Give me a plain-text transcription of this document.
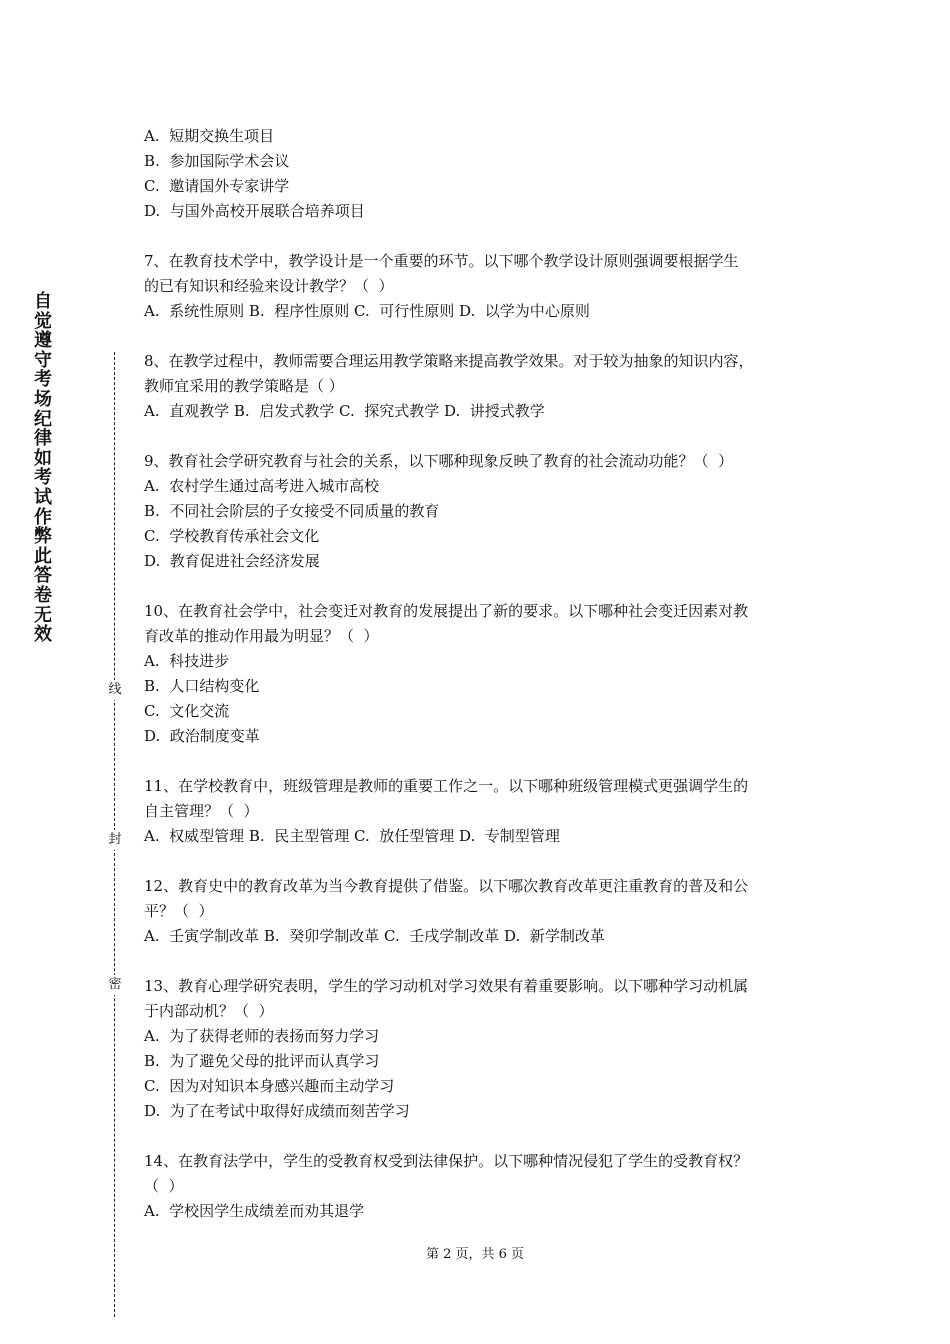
自觉遵守考场纪律如考试作弊此答卷无效
线
封
密
A.  短期交换生项目
B.  参加国际学术会议
C.  邀请国外专家讲学
D.  与国外高校开展联合培养项目
7、在教育技术学中，教学设计是一个重要的环节。以下哪个教学设计原则强调要根据学生
的已有知识和经验来设计教学？（  ）
A.  系统性原则 B.  程序性原则 C.  可行性原则 D.  以学为中心原则
8、在教学过程中，教师需要合理运用教学策略来提高教学效果。对于较为抽象的知识内容，
教师宜采用的教学策略是（ ）
A.  直观教学 B.  启发式教学 C.  探究式教学 D.  讲授式教学
9、教育社会学研究教育与社会的关系，以下哪种现象反映了教育的社会流动功能？（  ）
A.  农村学生通过高考进入城市高校
B.  不同社会阶层的子女接受不同质量的教育
C.  学校教育传承社会文化
D.  教育促进社会经济发展
10、在教育社会学中，社会变迁对教育的发展提出了新的要求。以下哪种社会变迁因素对教
育改革的推动作用最为明显？（  ）
A.  科技进步
B.  人口结构变化
C.  文化交流
D.  政治制度变革
11、在学校教育中，班级管理是教师的重要工作之一。以下哪种班级管理模式更强调学生的
自主管理？（  ）
A.  权威型管理 B.  民主型管理 C.  放任型管理 D.  专制型管理
12、教育史中的教育改革为当今教育提供了借鉴。以下哪次教育改革更注重教育的普及和公
平？（  ）
A.  壬寅学制改革 B.  癸卯学制改革 C.  壬戌学制改革 D.  新学制改革
13、教育心理学研究表明，学生的学习动机对学习效果有着重要影响。以下哪种学习动机属
于内部动机？（  ）
A.  为了获得老师的表扬而努力学习
B.  为了避免父母的批评而认真学习
C.  因为对知识本身感兴趣而主动学习
D.  为了在考试中取得好成绩而刻苦学习
14、在教育法学中，学生的受教育权受到法律保护。以下哪种情况侵犯了学生的受教育权？
（  ）
A.  学校因学生成绩差而劝其退学
第 2 页，共 6 页
